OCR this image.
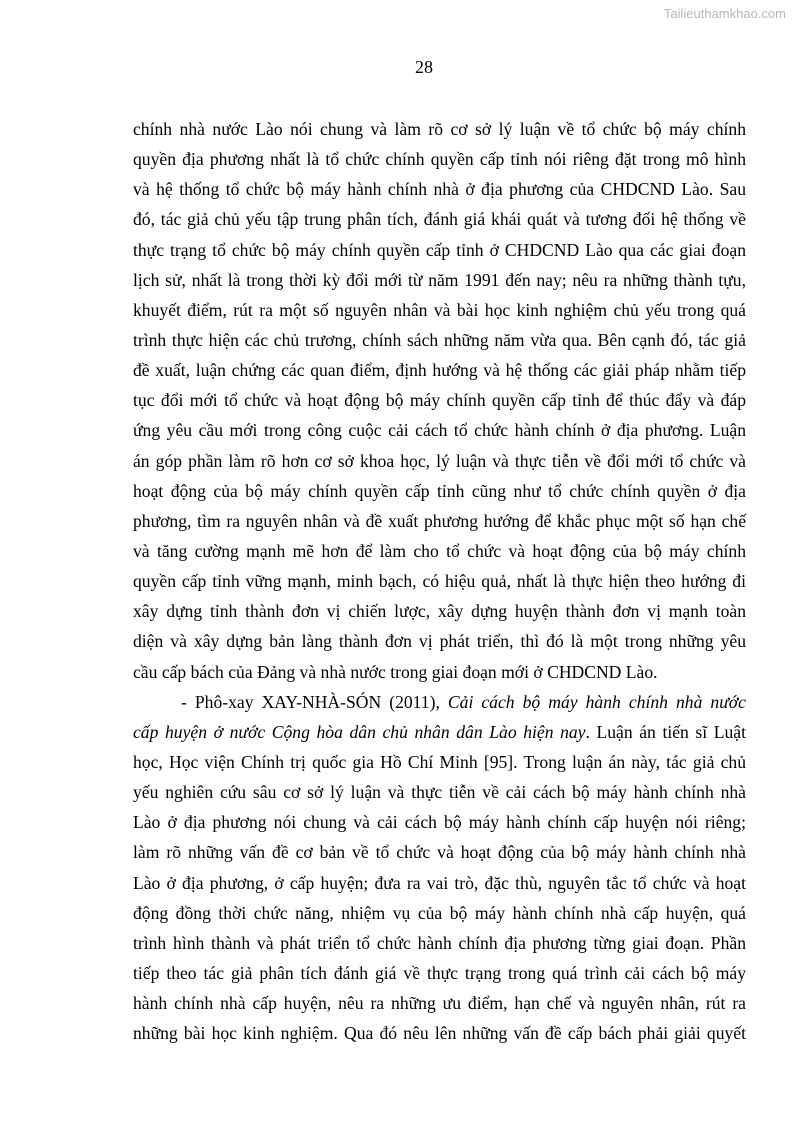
Tailieuthamkhao.com
28
chính nhà nước Lào nói chung và làm rõ cơ sở lý luận về tổ chức bộ máy chính
quyền địa phương nhất là tổ chức chính quyền cấp tỉnh nói riêng đặt trong mô hình
và hệ thống tổ chức bộ máy hành chính nhà ở địa phương của CHDCND Lào. Sau
đó, tác giả chủ yếu tập trung phân tích, đánh giá khái quát và tương đối hệ thống về
thực trạng tổ chức bộ máy chính quyền cấp tỉnh ở CHDCND Lào qua các giai đoạn
lịch sử, nhất là trong thời kỳ đổi mới từ năm 1991 đến nay; nêu ra những thành tựu,
khuyết điểm, rút ra một số nguyên nhân và bài học kinh nghiệm chủ yếu trong quá
trình thực hiện các chủ trương, chính sách những năm vừa qua. Bên cạnh đó, tác giả
đề xuất, luận chứng các quan điểm, định hướng và hệ thống các giải pháp nhằm tiếp
tục đổi mới tổ chức và hoạt động bộ máy chính quyền cấp tỉnh để thúc đẩy và đáp
ứng yêu cầu mới trong công cuộc cải cách tổ chức hành chính ở địa phương. Luận
án góp phần làm rõ hơn cơ sở khoa học, lý luận và thực tiễn về đổi mới tổ chức và
hoạt động của bộ máy chính quyền cấp tỉnh cũng như tổ chức chính quyền ở địa
phương, tìm ra nguyên nhân và đề xuất phương hướng để khắc phục một số hạn chế
và tăng cường mạnh mẽ hơn để làm cho tổ chức và hoạt động của bộ máy chính
quyền cấp tỉnh vững mạnh, minh bạch, có hiệu quả, nhất là thực hiện theo hướng đi
xây dựng tỉnh thành đơn vị chiến lược, xây dựng huyện thành đơn vị mạnh toàn
diện và xây dựng bản làng thành đơn vị phát triển, thì đó là một trong những yêu
cầu cấp bách của Đảng và nhà nước trong giai đoạn mới ở CHDCND Lào.
- Phô-xay XAY-NHÀ-SÓN (2011), Cải cách bộ máy hành chính nhà nước
cấp huyện ở nước Cộng hòa dân chủ nhân dân Lào hiện nay. Luận án tiến sĩ Luật
học, Học viện Chính trị quốc gia Hồ Chí Minh [95]. Trong luận án này, tác giả chủ
yếu nghiên cứu sâu cơ sở lý luận và thực tiễn về cải cách bộ máy hành chính nhà
Lào ở địa phương nói chung và cải cách bộ máy hành chính cấp huyện nói riêng;
làm rõ những vấn đề cơ bản về tổ chức và hoạt động của bộ máy hành chính nhà
Lào ở địa phương, ở cấp huyện; đưa ra vai trò, đặc thù, nguyên tắc tổ chức và hoạt
động đồng thời chức năng, nhiệm vụ của bộ máy hành chính nhà cấp huyện, quá
trình hình thành và phát triển tổ chức hành chính địa phương từng giai đoạn. Phần
tiếp theo tác giả phân tích đánh giá về thực trạng trong quá trình cải cách bộ máy
hành chính nhà cấp huyện, nêu ra những ưu điểm, hạn chế và nguyên nhân, rút ra
những bài học kinh nghiệm. Qua đó nêu lên những vấn đề cấp bách phải giải quyết
